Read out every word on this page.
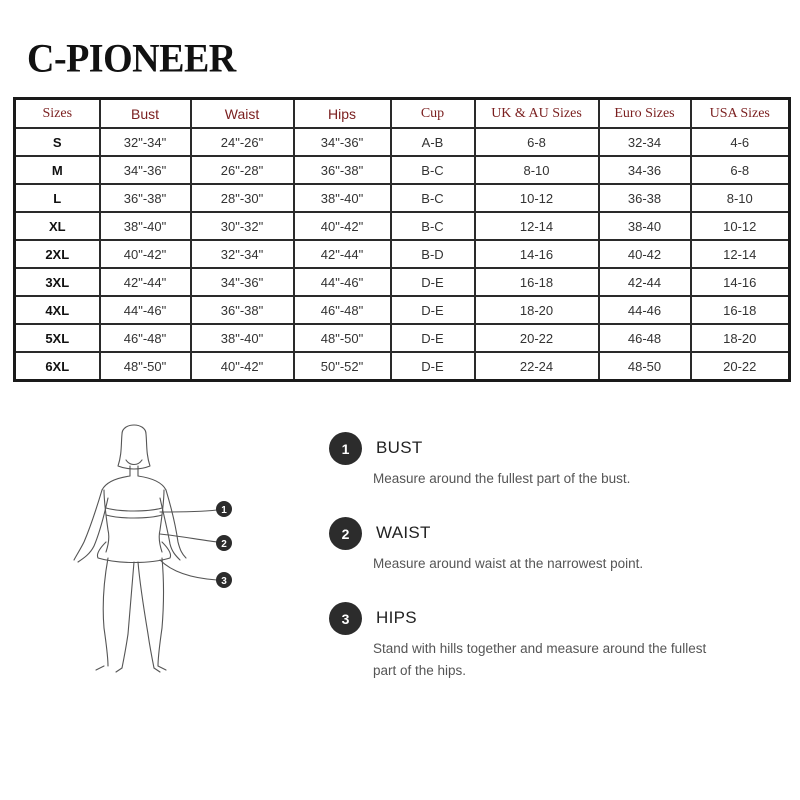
C-PIONEER
Sizes	Bust	Waist	Hips	Cup	UK & AU Sizes	Euro Sizes	USA Sizes
S	32"-34"	24"-26"	34"-36"	A-B	6-8	32-34	4-6
M	34"-36"	26"-28"	36"-38"	B-C	8-10	34-36	6-8
L	36"-38"	28"-30"	38"-40"	B-C	10-12	36-38	8-10
XL	38"-40"	30"-32"	40"-42"	B-C	12-14	38-40	10-12
2XL	40"-42"	32"-34"	42"-44"	B-D	14-16	40-42	12-14
3XL	42"-44"	34"-36"	44"-46"	D-E	16-18	42-44	14-16
4XL	44"-46"	36"-38"	46"-48"	D-E	18-20	44-46	16-18
5XL	46"-48"	38"-40"	48"-50"	D-E	20-22	46-48	18-20
6XL	48"-50"	40"-42"	50"-52"	D-E	22-24	48-50	20-22
1
2
3
1	BUST
Measure around the fullest part of the bust.
2	WAIST
Measure around waist at the narrowest point.
3	HIPS
Stand with hills together and measure around the fullest part of the hips.
